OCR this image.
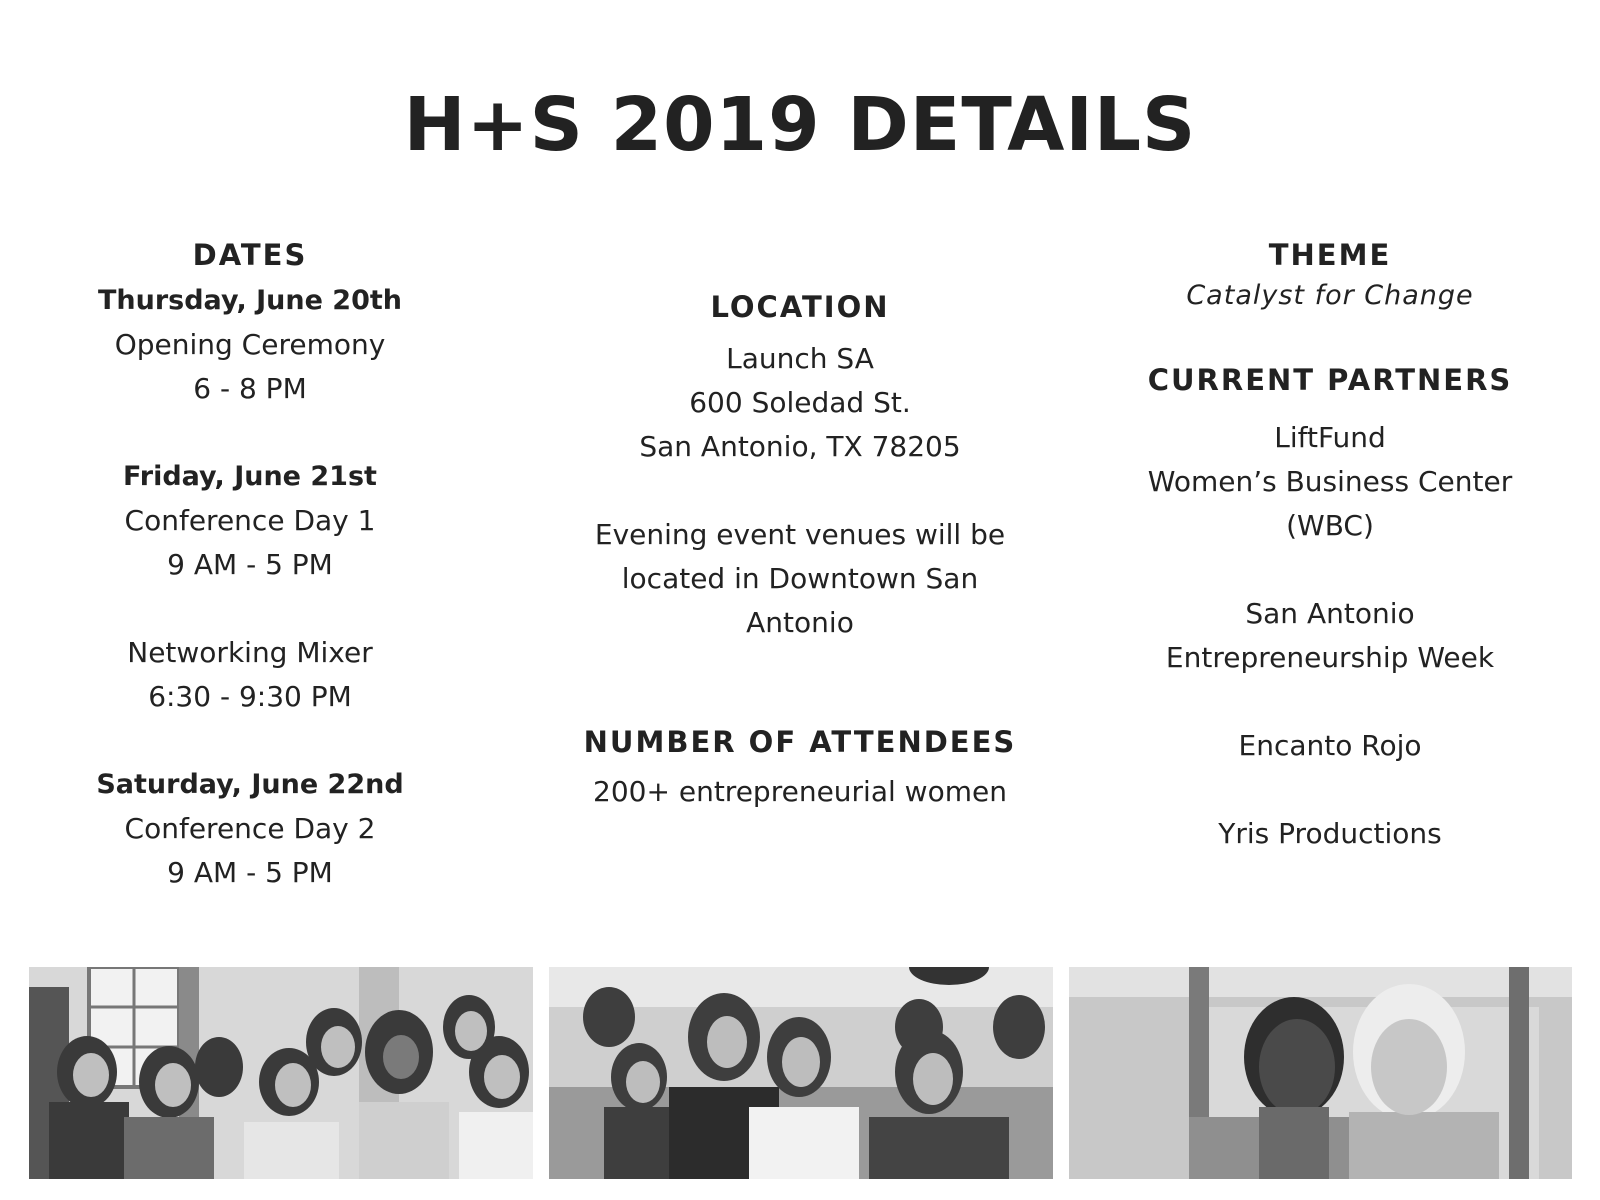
H+S 2019 DETAILS
DATES
Thursday, June 20th
Opening Ceremony
6 - 8 PM
Friday, June 21st
Conference Day 1
9 AM - 5 PM
Networking Mixer
6:30 - 9:30 PM
Saturday, June 22nd
Conference Day 2
9 AM - 5 PM
LOCATION
Launch SA
600 Soledad St.
San Antonio, TX 78205
Evening event venues will be
located in Downtown San
Antonio
NUMBER OF ATTENDEES
200+ entrepreneurial women
THEME
Catalyst for Change
CURRENT PARTNERS
LiftFund
Women’s Business Center
(WBC)
San Antonio
Entrepreneurship Week
Encanto Rojo
Yris Productions
